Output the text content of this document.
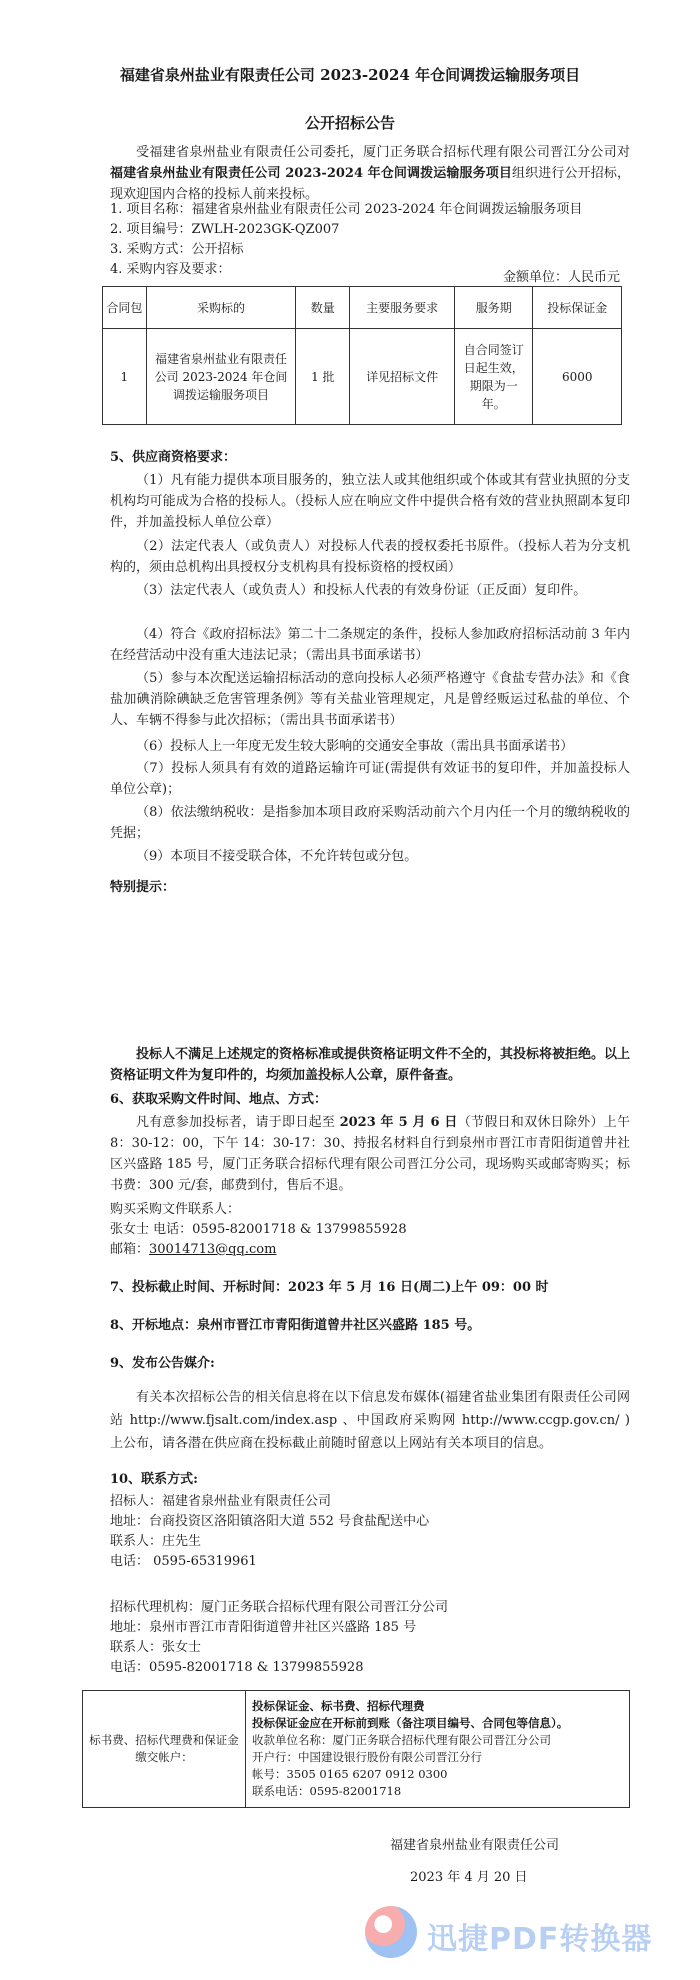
福建省泉州盐业有限责任公司 2023-2024 年仓间调拨运输服务项目
公开招标公告
受福建省泉州盐业有限责任公司委托，厦门正务联合招标代理有限公司晋江分公司对福建省泉州盐业有限责任公司 2023-2024 年仓间调拨运输服务项目组织进行公开招标，现欢迎国内合格的投标人前来投标。
1. 项目名称：福建省泉州盐业有限责任公司 2023-2024 年仓间调拨运输服务项目
2. 项目编号：ZWLH-2023GK-QZ007
3. 采购方式：公开招标
4. 采购内容及要求：
金额单位：人民币元
合同包	采购标的	数量	主要服务要求	服务期	投标保证金
1	福建省泉州盐业有限责任公司 2023-2024 年仓间调拨运输服务项目	1 批	详见招标文件	自合同签订日起生效，期限为一年。	6000
5、供应商资格要求：
（1）凡有能力提供本项目服务的，独立法人或其他组织或个体或其有营业执照的分支机构均可能成为合格的投标人。（投标人应在响应文件中提供合格有效的营业执照副本复印件，并加盖投标人单位公章）
（2）法定代表人（或负责人）对投标人代表的授权委托书原件。（投标人若为分支机构的，须由总机构出具授权分支机构具有投标资格的授权函）
（3）法定代表人（或负责人）和投标人代表的有效身份证（正反面）复印件。
（4）符合《政府招标法》第二十二条规定的条件，投标人参加政府招标活动前 3 年内在经营活动中没有重大违法记录；（需出具书面承诺书）
（5）参与本次配送运输招标活动的意向投标人必须严格遵守《食盐专营办法》和《食盐加碘消除碘缺乏危害管理条例》等有关盐业管理规定，凡是曾经贩运过私盐的单位、个人、车辆不得参与此次招标；（需出具书面承诺书）
（6）投标人上一年度无发生较大影响的交通安全事故（需出具书面承诺书）
（7）投标人须具有有效的道路运输许可证(需提供有效证书的复印件，并加盖投标人单位公章)；
（8）依法缴纳税收：是指参加本项目政府采购活动前六个月内任一个月的缴纳税收的凭据；
（9）本项目不接受联合体，不允许转包或分包。
特别提示：
投标人不满足上述规定的资格标准或提供资格证明文件不全的，其投标将被拒绝。以上资格证明文件为复印件的，均须加盖投标人公章，原件备查。
6、获取采购文件时间、地点、方式：
凡有意参加投标者，请于即日起至 2023 年 5 月 6 日（节假日和双休日除外）上午 8：30-12：00，下午 14：30-17：30、持报名材料自行到泉州市晋江市青阳街道曾井社区兴盛路 185 号，厦门正务联合招标代理有限公司晋江分公司，现场购买或邮寄购买；标书费：300 元/套，邮费到付，售后不退。
购买采购文件联系人：
张女士 电话：0595-82001718 & 13799855928
邮箱：30014713@qq.com
7、投标截止时间、开标时间：2023 年 5 月 16 日(周二)上午 09：00 时
8、开标地点：泉州市晋江市青阳街道曾井社区兴盛路 185 号。
9、发布公告媒介:
有关本次招标公告的相关信息将在以下信息发布媒体(福建省盐业集团有限责任公司网站 http://www.fjsalt.com/index.asp 、中国政府采购网 http://www.ccgp.gov.cn/ ) 上公布，请各潜在供应商在投标截止前随时留意以上网站有关本项目的信息。
10、联系方式:
招标人：福建省泉州盐业有限责任公司
地址：台商投资区洛阳镇洛阳大道 552 号食盐配送中心
联系人：庄先生
电话： 0595-65319961
招标代理机构：厦门正务联合招标代理有限公司晋江分公司
地址：泉州市晋江市青阳街道曾井社区兴盛路 185 号
联系人：张女士
电话：0595-82001718 & 13799855928
标书费、招标代理费和保证金缴交帐户：	
投标保证金、标书费、招标代理费
投标保证金应在开标前到账（备注项目编号、合同包等信息）。
收款单位名称：厦门正务联合招标代理有限公司晋江分公司
开户行：中国建设银行股份有限公司晋江分行
帐号：3505 0165 6207 0912 0300
联系电话：0595-82001718
福建省泉州盐业有限责任公司
2023 年 4 月 20 日
迅捷PDF转换器
